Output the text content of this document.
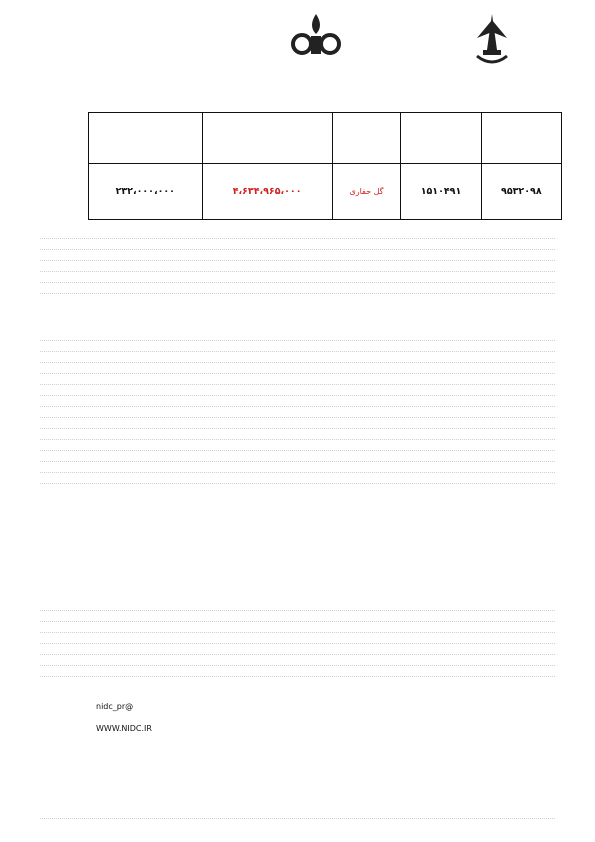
۹۵۳۲۰۹۸	۱۵۱۰۴۹۱	گل حفاری	۴،۶۳۴،۹۶۵،۰۰۰	۲۳۲،۰۰۰،۰۰۰
@nidc_pr
WWW.NIDC.IR
